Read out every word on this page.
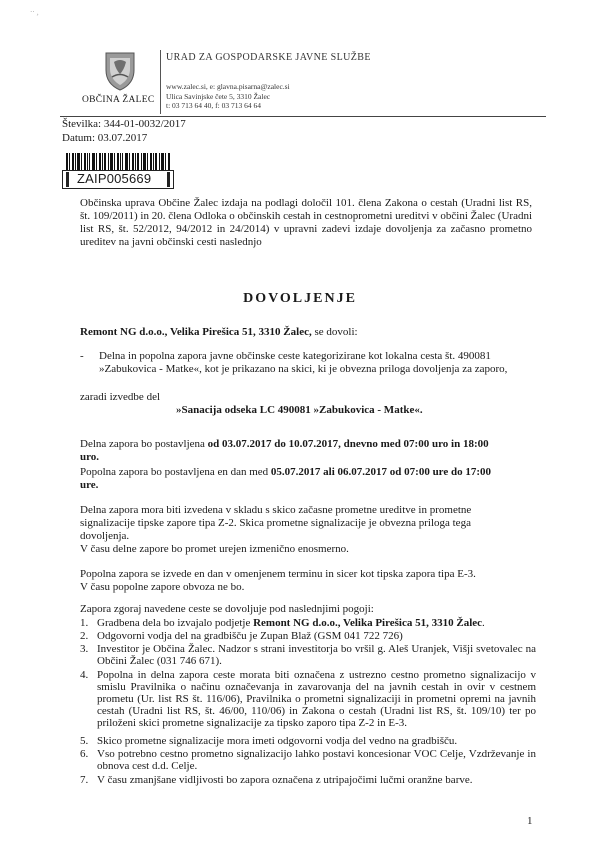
·· ¸
OBČINA ŽALEC
URAD ZA GOSPODARSKE JAVNE SLUŽBE
www.zalec.si, e: glavna.pisarna@zalec.si
Ulica Savinjske čete 5, 3310 Žalec
t: 03 713 64 40, f: 03 713 64 64
Številka: 344-01-0032/2017
Datum: 03.07.2017
ZAIP005669
Občinska uprava Občine Žalec izdaja na podlagi določil 101. člena Zakona o cestah (Uradni list RS, št. 109/2011) in 20. člena Odloka o občinskih cestah in cestnoprometni ureditvi v občini Žalec (Uradni list RS, št. 52/2012, 94/2012 in 24/2014) v upravni zadevi izdaje dovoljenja za začasno prometno ureditev na javni občinski cesti naslednjo
DOVOLJENJE
Remont NG d.o.o., Velika Pirešica 51, 3310 Žalec, se dovoli:
- Delna in popolna zapora javne občinske ceste kategorizirane kot lokalna cesta št. 490081
»Zabukovica - Matke«, kot je prikazano na skici, ki je obvezna priloga dovoljenja za zaporo,
zaradi izvedbe del
»Sanacija odseka LC 490081 »Zabukovica - Matke«.
Delna zapora bo postavljena od 03.07.2017 do 10.07.2017, dnevno med 07:00 uro in 18:00
uro.
Popolna zapora bo postavljena en dan med 05.07.2017 ali 06.07.2017 od 07:00 ure do 17:00
ure.
Delna zapora mora biti izvedena v skladu s skico začasne prometne ureditve in prometne
signalizacije tipske zapore tipa Z-2. Skica prometne signalizacije je obvezna priloga tega
dovoljenja.
V času delne zapore bo promet urejen izmenično enosmerno.
Popolna zapora se izvede en dan v omenjenem terminu in sicer kot tipska zapora tipa E-3.
V času popolne zapore obvoza ne bo.
Zapora zgoraj navedene ceste se dovoljuje pod naslednjimi pogoji:
1. Gradbena dela bo izvajalo podjetje Remont NG d.o.o., Velika Pirešica 51, 3310 Žalec.
2. Odgovorni vodja del na gradbišču je Zupan Blaž (GSM 041 722 726)
3. Investitor je Občina Žalec. Nadzor s strani investitorja bo vršil g. Aleš Uranjek, Višji svetovalec na Občini Žalec (031 746 671).
4. Popolna in delna zapora ceste morata biti označena z ustrezno cestno prometno signalizacijo v smislu Pravilnika o načinu označevanja in zavarovanja del na javnih cestah in ovir v cestnem prometu (Ur. list RS št. 116/06), Pravilnika o prometni signalizaciji in prometni opremi na javnih cestah (Uradni list RS, št. 46/00, 110/06) in Zakona o cestah (Uradni list RS, št. 109/10) ter po priloženi skici prometne signalizacije za tipsko zaporo tipa Z-2 in E-3.
5. Skico prometne signalizacije mora imeti odgovorni vodja del vedno na gradbišču.
6. Vso potrebno cestno prometno signalizacijo lahko postavi koncesionar VOC Celje, Vzdrževanje in obnova cest d.d. Celje.
7. V času zmanjšane vidljivosti bo zapora označena z utripajočimi lučmi oranžne barve.
1
